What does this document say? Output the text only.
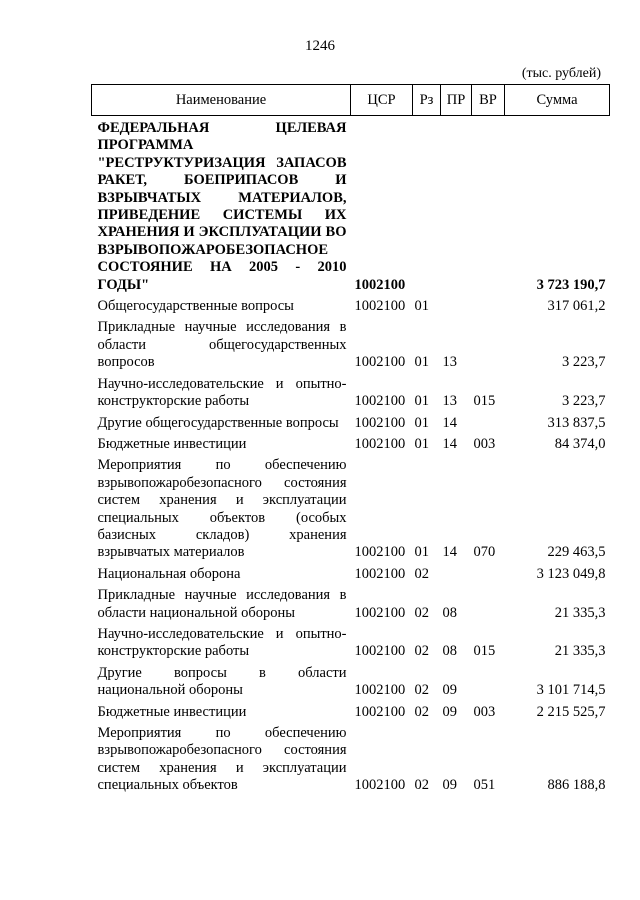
1246
(тыс. рублей)
Наименование	ЦСР	Рз	ПР	ВР	Сумма
ФЕДЕРАЛЬНАЯ ЦЕЛЕВАЯ ПРОГРАММА "РЕСТРУКТУРИЗАЦИЯ ЗАПАСОВ РАКЕТ, БОЕПРИПАСОВ И ВЗРЫВЧАТЫХ МАТЕРИАЛОВ, ПРИВЕДЕНИЕ СИСТЕМЫ ИХ ХРАНЕНИЯ И ЭКСПЛУАТАЦИИ ВО ВЗРЫВОПОЖАРОБЕЗОПАСНОЕ СОСТОЯНИЕ НА 2005 - 2010 ГОДЫ"	1002100				3 723 190,7
Общегосударственные вопросы	1002100	01			317 061,2
Прикладные научные исследования в области общегосударственных вопросов	1002100	01	13		3 223,7
Научно-исследовательские и опытно-конструкторские работы	1002100	01	13	015	3 223,7
Другие общегосударственные вопросы	1002100	01	14		313 837,5
Бюджетные инвестиции	1002100	01	14	003	84 374,0
Мероприятия по обеспечению взрывопожаробезопасного состояния систем хранения и эксплуатации специальных объектов (особых базисных складов) хранения взрывчатых материалов	1002100	01	14	070	229 463,5
Национальная оборона	1002100	02			3 123 049,8
Прикладные научные исследования в области национальной обороны	1002100	02	08		21 335,3
Научно-исследовательские и опытно-конструкторские работы	1002100	02	08	015	21 335,3
Другие вопросы в области национальной обороны	1002100	02	09		3 101 714,5
Бюджетные инвестиции	1002100	02	09	003	2 215 525,7
Мероприятия по обеспечению взрывопожаробезопасного состояния систем хранения и эксплуатации специальных объектов	1002100	02	09	051	886 188,8
